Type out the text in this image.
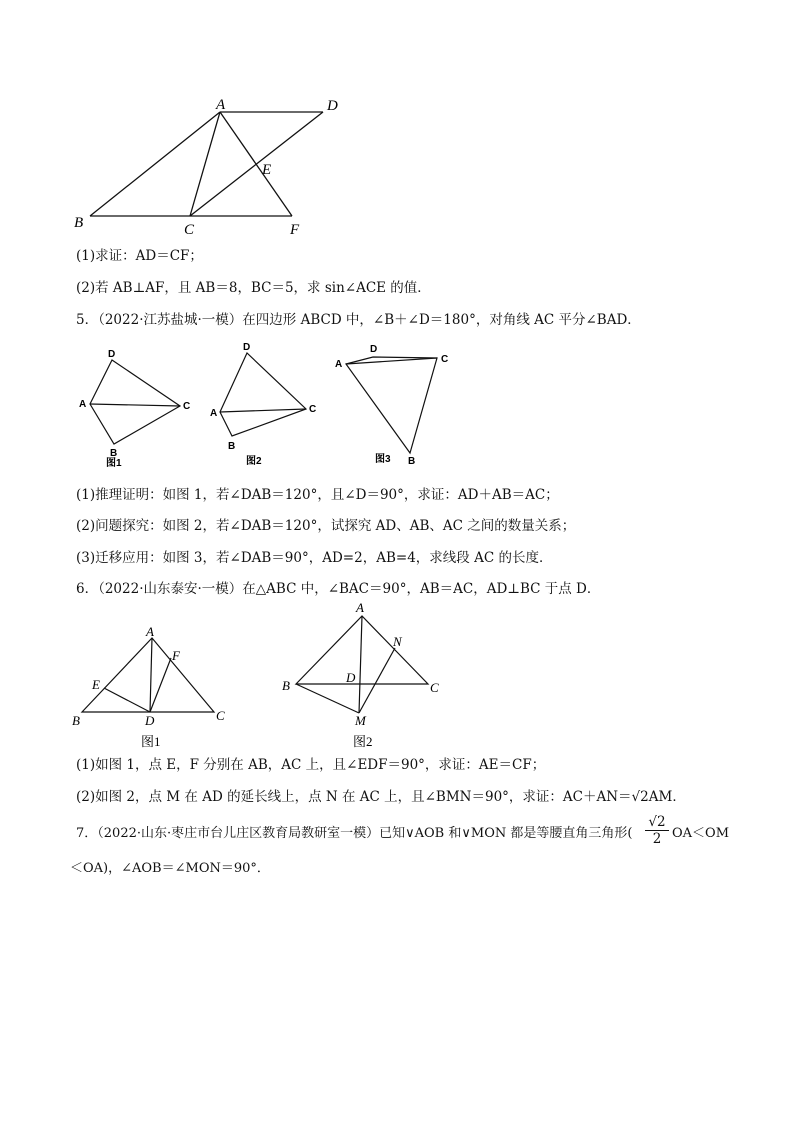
A	D
E
B	C	F
(1)求证：AD＝CF；
(2)若 AB⊥AF，且 AB＝8，BC＝5，求 sin∠ACE 的值．
5．（2022·江苏盐城·一模）在四边形 ABCD 中，∠B＋∠D＝180°，对角线 AC 平分∠BAD．
D
A	C
B
图1
D
A	C
B
图2
D
A	C
B
图3
(1)推理证明：如图 1，若∠DAB＝120°，且∠D＝90°，求证：AD＋AB＝AC；
(2)问题探究：如图 2，若∠DAB＝120°，试探究 AD、AB、AC 之间的数量关系；
(3)迁移应用：如图 3，若∠DAB＝90°，AD=2，AB=4，求线段 AC 的长度．
6．（2022·山东泰安·一模）在△ABC 中，∠BAC＝90°，AB＝AC，AD⊥BC 于点 D．
A
F
E
B	D	C
图1
A
N
B
D
C
M
图2
(1)如图 1，点 E，F 分别在 AB，AC 上，且∠EDF＝90°，求证：AE＝CF；
(2)如图 2，点 M 在 AD 的延长线上，点 N 在 AC 上，且∠BMN＝90°，求证：AC＋AN＝√2AM．
7．（2022·山东·枣庄市台儿庄区教育局教研室一模）已知∨AOB 和∨MON 都是等腰直角三角形( $\frac{√2}{2} OA<OM$
＜OA)，∠AOB＝∠MON＝90°．
